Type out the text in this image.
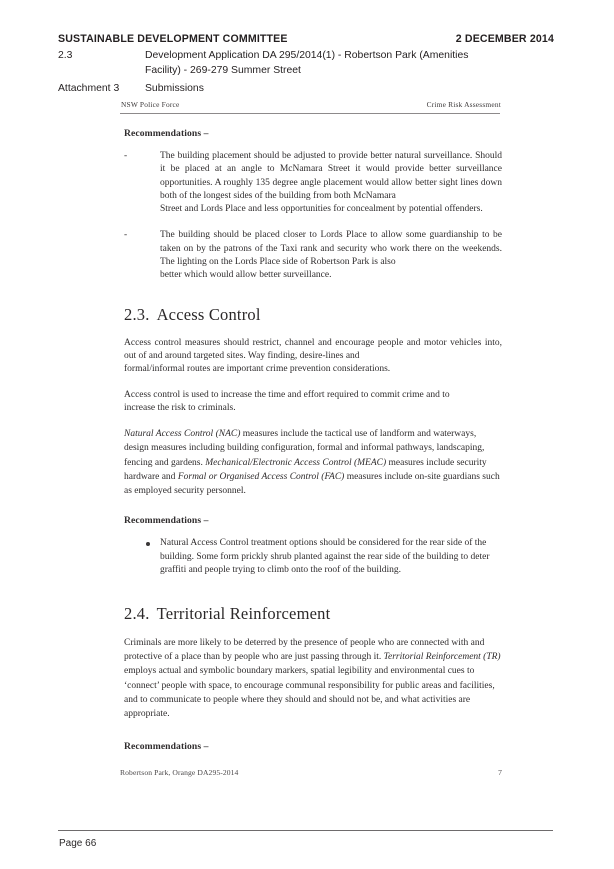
SUSTAINABLE DEVELOPMENT COMMITTEE	2 DECEMBER 2014
2.3	Development Application DA 295/2014(1) - Robertson Park (Amenities
Facility) - 269-279 Summer Street
Attachment 3	Submissions
NSW Police Force	Crime Risk Assessment
Recommendations –
-	The building placement should be adjusted to provide better natural surveillance. Should it be placed at an angle to McNamara Street it would provide better surveillance opportunities. A roughly 135 degree angle placement would allow better sight lines down both of the longest sides of the building from both McNamara
Street and Lords Place and less opportunities for concealment by potential offenders.
-	The building should be placed closer to Lords Place to allow some guardianship to be taken on by the patrons of the Taxi rank and security who work there on the weekends. The lighting on the Lords Place side of Robertson Park is also
better which would allow better surveillance.
2.3. Access Control

Access control measures should restrict, channel and encourage people and motor vehicles into, out of and around targeted sites. Way finding, desire-lines and
formal/informal routes are important crime prevention considerations.

Access control is used to increase the time and effort required to commit crime and to
increase the risk to criminals.

Natural Access Control (NAC) measures include the tactical use of landform and waterways, design measures including building configuration, formal and informal pathways, landscaping, fencing and gardens. Mechanical/Electronic Access Control (MEAC) measures include security hardware and Formal or Organised Access Control (FAC) measures include on-site guardians such as employed security personnel.

Recommendations –
Natural Access Control treatment options should be considered for the rear side of the building. Some form prickly shrub planted against the rear side of the building to deter graffiti and people trying to climb onto the roof of the building.
2.4. Territorial Reinforcement

Criminals are more likely to be deterred by the presence of people who are connected with and protective of a place than by people who are just passing through it. Territorial Reinforcement (TR) employs actual and symbolic boundary markers, spatial legibility and environmental cues to ‘connect’ people with space, to encourage communal responsibility for public areas and facilities, and to communicate to people where they should and should not be, and what activities are appropriate.

Recommendations –
Robertson Park, Orange DA295-2014	7
Page 66
